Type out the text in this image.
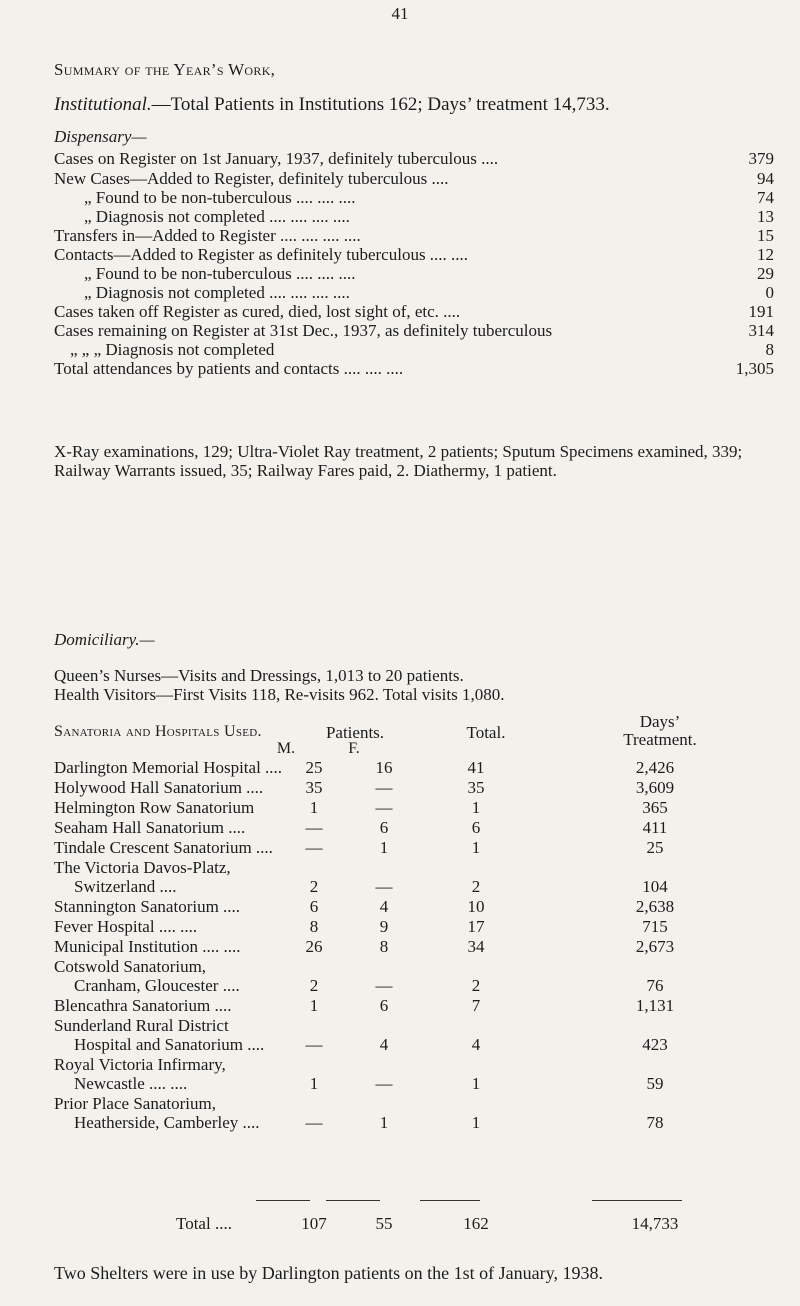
41
Summary of the Year’s Work,
Institutional.—Total Patients in Institutions 162; Days’ treatment 14,733.
Dispensary—
Cases on Register on 1st January, 1937, definitely tuberculous ....	379
New Cases—Added to Register, definitely tuberculous ....	94
„ Found to be non-tuberculous .... .... ....	74
„ Diagnosis not completed .... .... .... ....	13
Transfers in—Added to Register .... .... .... ....	15
Contacts—Added to Register as definitely tuberculous .... ....	12
„ Found to be non-tuberculous .... .... ....	29
„ Diagnosis not completed .... .... .... ....	0
Cases taken off Register as cured, died, lost sight of, etc. ....	191
Cases remaining on Register at 31st Dec., 1937, as definitely tuberculous	314
„ „ „ Diagnosis not completed	8
Total attendances by patients and contacts .... .... ....	1,305
X-Ray examinations, 129; Ultra-Violet Ray treatment, 2 patients; Sputum Specimens examined, 339; Railway Warrants issued, 35; Railway Fares paid, 2. Diathermy, 1 patient.
Domiciliary.—
Queen’s Nurses—Visits and Dressings, 1,013 to 20 patients.
Health Visitors—First Visits 118, Re-visits 962. Total visits 1,080.
Sanatoria and Hospitals Used.	Patients.
M.	F.
Total.
Days’
Treatment.
Darlington Memorial Hospital ....	25	16	41	2,426
Holywood Hall Sanatorium ....	35	—	35	3,609
Helmington Row Sanatorium	1	—	1	365
Seaham Hall Sanatorium ....	—	6	6	411
Tindale Crescent Sanatorium ....	—	1	1	25
The Victoria Davos-Platz,
Switzerland ....	2	—	2	104
Stannington Sanatorium ....	6	4	10	2,638
Fever Hospital .... ....	8	9	17	715
Municipal Institution .... ....	26	8	34	2,673
Cotswold Sanatorium,
Cranham, Gloucester ....	2	—	2	76
Blencathra Sanatorium ....	1	6	7	1,131
Sunderland Rural District
Hospital and Sanatorium ....	—	4	4	423
Royal Victoria Infirmary,
Newcastle .... ....	1	—	1	59
Prior Place Sanatorium,
Heatherside, Camberley ....	—	1	1	78
Total ....	107	55	162	14,733
Two Shelters were in use by Darlington patients on the 1st of January, 1938.
